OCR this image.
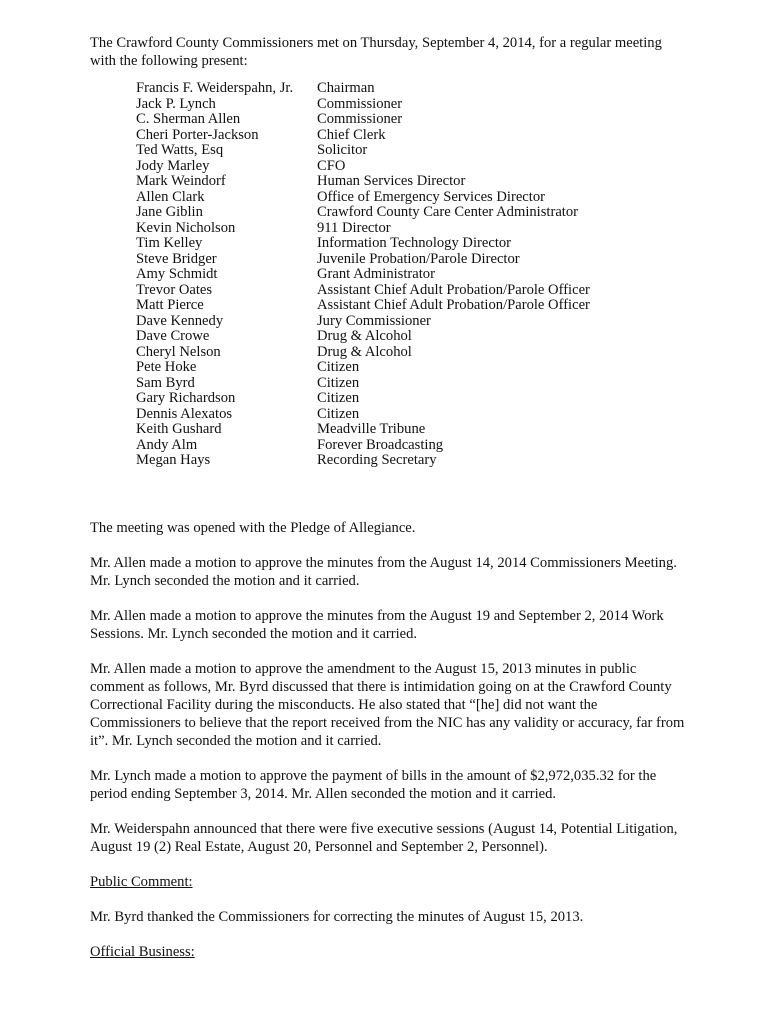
The Crawford County Commissioners met on Thursday, September 4, 2014, for a regular meeting with the following present:

Francis F. Weiderspahn, Jr.	Chairman
Jack P. Lynch	Commissioner
C. Sherman Allen	Commissioner
Cheri Porter-Jackson	Chief Clerk
Ted Watts, Esq	Solicitor
Jody Marley	CFO
Mark Weindorf	Human Services Director
Allen Clark	Office of Emergency Services Director
Jane Giblin	Crawford County Care Center Administrator
Kevin Nicholson	911 Director
Tim Kelley	Information Technology Director
Steve Bridger	Juvenile Probation/Parole Director
Amy Schmidt	Grant Administrator
Trevor Oates	Assistant Chief Adult Probation/Parole Officer
Matt Pierce	Assistant Chief Adult Probation/Parole Officer
Dave Kennedy	Jury Commissioner
Dave Crowe	Drug & Alcohol
Cheryl Nelson	Drug & Alcohol
Pete Hoke	Citizen
Sam Byrd	Citizen
Gary Richardson	Citizen
Dennis Alexatos	Citizen
Keith Gushard	Meadville Tribune
Andy Alm	Forever Broadcasting
Megan Hays	Recording Secretary

The meeting was opened with the Pledge of Allegiance.

Mr. Allen made a motion to approve the minutes from the August 14, 2014 Commissioners Meeting. Mr. Lynch seconded the motion and it carried.

Mr. Allen made a motion to approve the minutes from the August 19 and September 2, 2014 Work Sessions. Mr. Lynch seconded the motion and it carried.

Mr. Allen made a motion to approve the amendment to the August 15, 2013 minutes in public comment as follows, Mr. Byrd discussed that there is intimidation going on at the Crawford County Correctional Facility during the misconducts. He also stated that “[he] did not want the Commissioners to believe that the report received from the NIC has any validity or accuracy, far from it”. Mr. Lynch seconded the motion and it carried.

Mr. Lynch made a motion to approve the payment of bills in the amount of $2,972,035.32 for the period ending September 3, 2014. Mr. Allen seconded the motion and it carried.

Mr. Weiderspahn announced that there were five executive sessions (August 14, Potential Litigation, August 19 (2) Real Estate, August 20, Personnel and September 2, Personnel).

Public Comment:

Mr. Byrd thanked the Commissioners for correcting the minutes of August 15, 2013.

Official Business:
